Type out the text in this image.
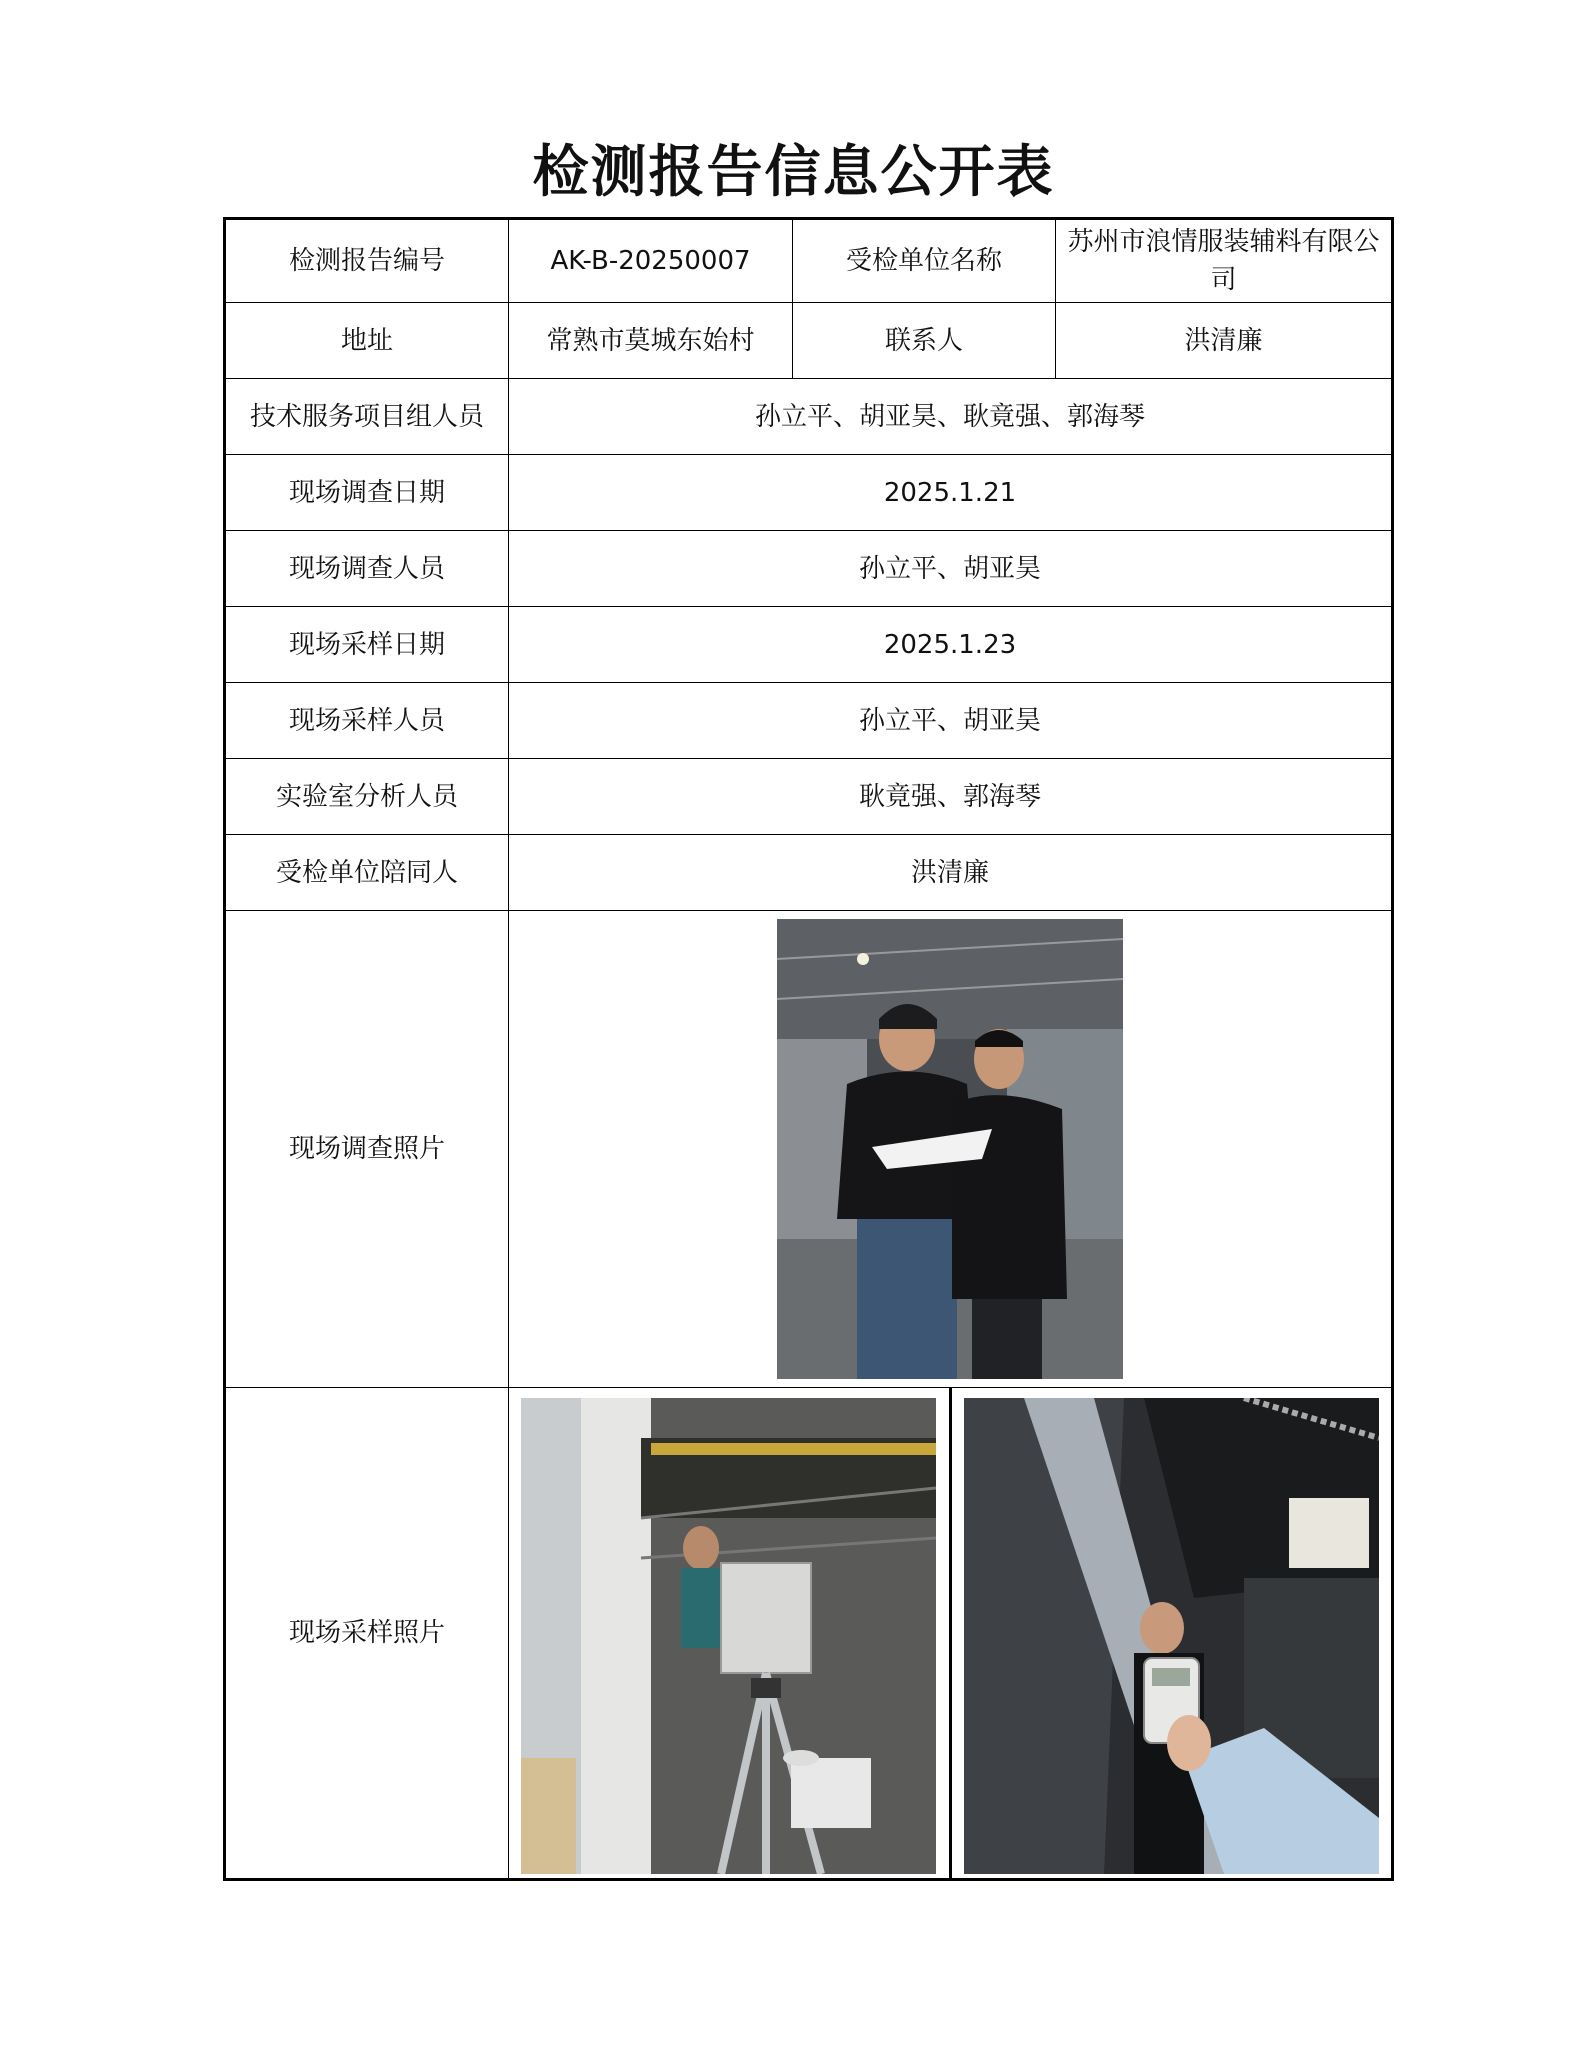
检测报告信息公开表
检测报告编号	AK-B-20250007	受检单位名称	苏州市浪情服装辅料有限公司
地址	常熟市莫城东始村	联系人	洪清廉
技术服务项目组人员	孙立平、胡亚昊、耿竟强、郭海琴		
现场调查日期	2025.1.21		
现场调查人员	孙立平、胡亚昊		
现场采样日期	2025.1.23		
现场采样人员	孙立平、胡亚昊		
实验室分析人员	耿竟强、郭海琴		
受检单位陪同人	洪清廉		
现场调查照片	

现场采样照片	
